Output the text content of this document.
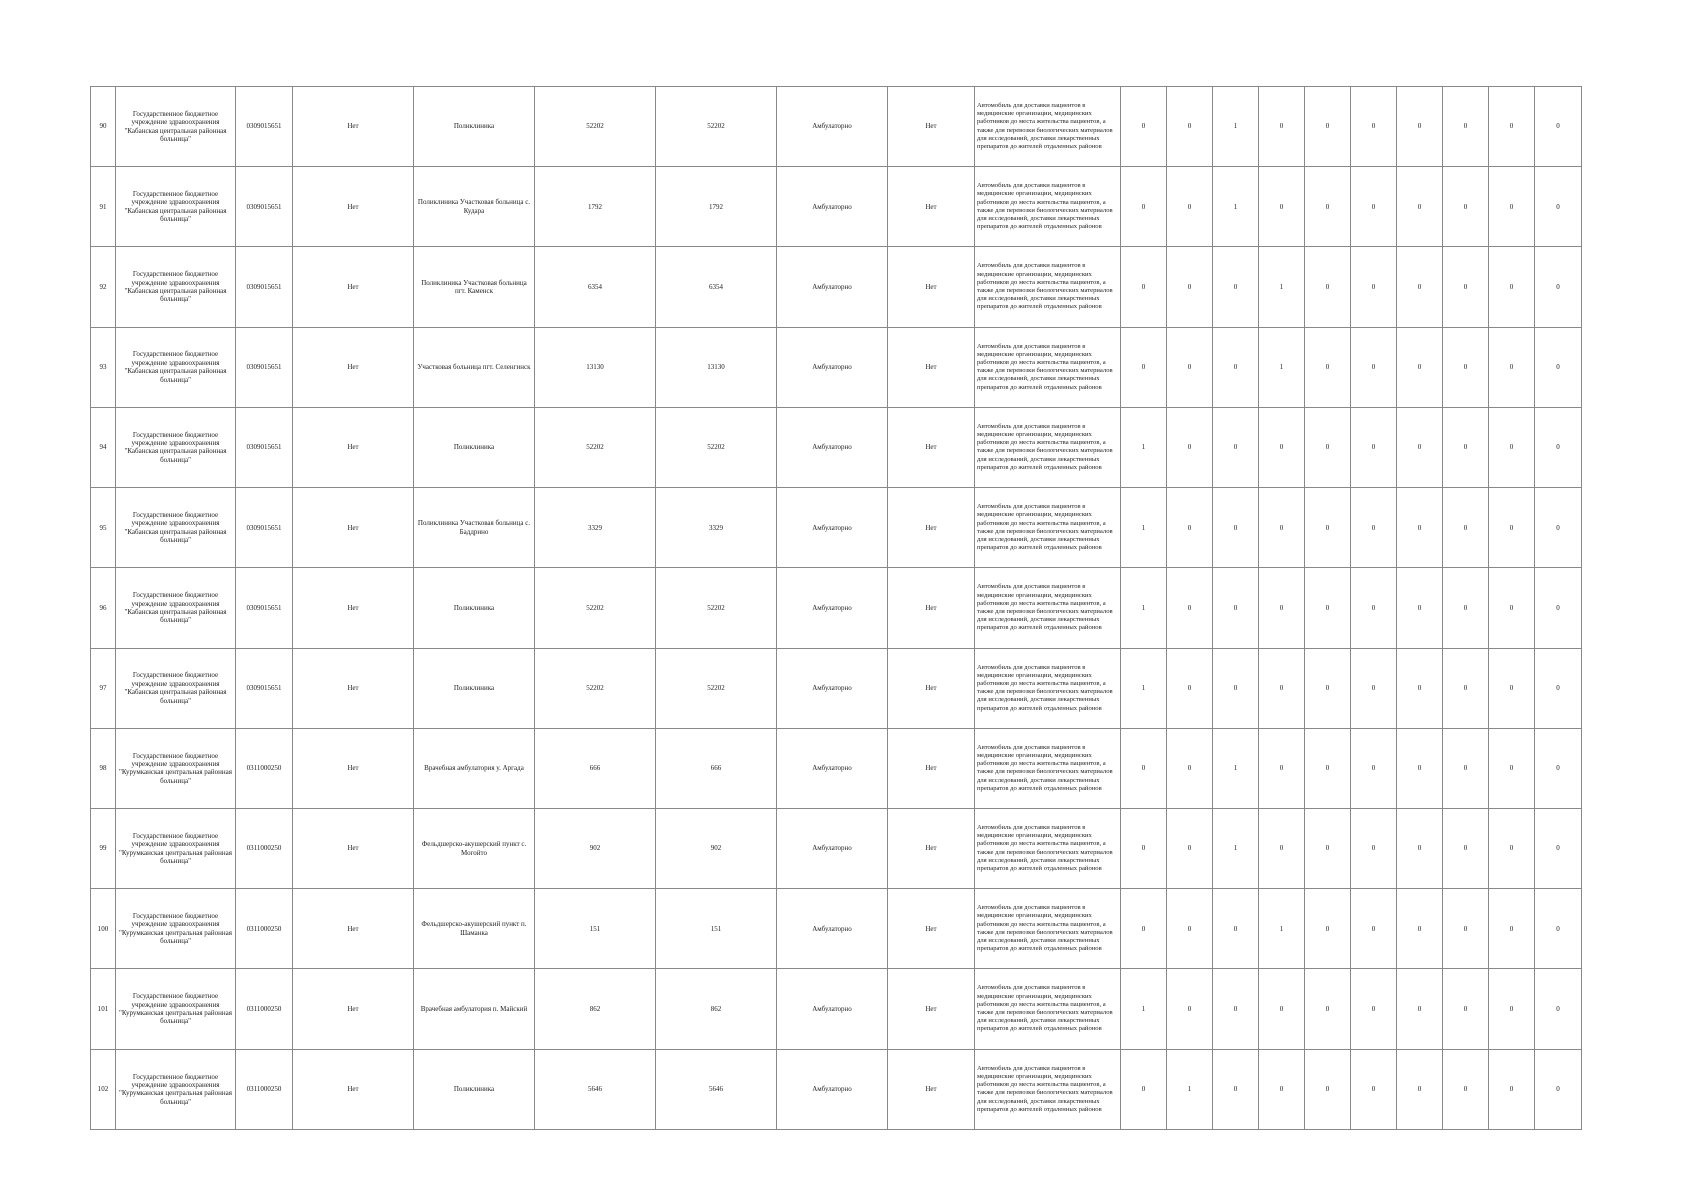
90	Государственное бюджетное учреждение здравоохранения "Кабанская центральная районная больница"	0309015651	Нет	Поликлиника	52202	52202	Амбулаторно	Нет	Автомобиль для доставки пациентов в медицинские организации, медицинских работников до места жительства пациентов, а также для перевозки биологических материалов для исследований, доставки лекарственных препаратов до жителей отдаленных районов	0	0	1	0	0	0	0	0	0	0
91	Государственное бюджетное учреждение здравоохранения "Кабанская центральная районная больница"	0309015651	Нет	Поликлиника Участковая больница с. Кудара	1792	1792	Амбулаторно	Нет	Автомобиль для доставки пациентов в медицинские организации, медицинских работников до места жительства пациентов, а также для перевозки биологических материалов для исследований, доставки лекарственных препаратов до жителей отдаленных районов	0	0	1	0	0	0	0	0	0	0
92	Государственное бюджетное учреждение здравоохранения "Кабанская центральная районная больница"	0309015651	Нет	Поликлиника Участковая больница пгт. Каменск	6354	6354	Амбулаторно	Нет	Автомобиль для доставки пациентов в медицинские организации, медицинских работников до места жительства пациентов, а также для перевозки биологических материалов для исследований, доставки лекарственных препаратов до жителей отдаленных районов	0	0	0	1	0	0	0	0	0	0
93	Государственное бюджетное учреждение здравоохранения "Кабанская центральная районная больница"	0309015651	Нет	Участковая больница пгт. Селенгинск	13130	13130	Амбулаторно	Нет	Автомобиль для доставки пациентов в медицинские организации, медицинских работников до места жительства пациентов, а также для перевозки биологических материалов для исследований, доставки лекарственных препаратов до жителей отдаленных районов	0	0	0	1	0	0	0	0	0	0
94	Государственное бюджетное учреждение здравоохранения "Кабанская центральная районная больница"	0309015651	Нет	Поликлиника	52202	52202	Амбулаторно	Нет	Автомобиль для доставки пациентов в медицинские организации, медицинских работников до места жительства пациентов, а также для перевозки биологических материалов для исследований, доставки лекарственных препаратов до жителей отдаленных районов	1	0	0	0	0	0	0	0	0	0
95	Государственное бюджетное учреждение здравоохранения "Кабанская центральная районная больница"	0309015651	Нет	Поликлиника Участковая больница с. Баддрино	3329	3329	Амбулаторно	Нет	Автомобиль для доставки пациентов в медицинские организации, медицинских работников до места жительства пациентов, а также для перевозки биологических материалов для исследований, доставки лекарственных препаратов до жителей отдаленных районов	1	0	0	0	0	0	0	0	0	0
96	Государственное бюджетное учреждение здравоохранения "Кабанская центральная районная больница"	0309015651	Нет	Поликлиника	52202	52202	Амбулаторно	Нет	Автомобиль для доставки пациентов в медицинские организации, медицинских работников до места жительства пациентов, а также для перевозки биологических материалов для исследований, доставки лекарственных препаратов до жителей отдаленных районов	1	0	0	0	0	0	0	0	0	0
97	Государственное бюджетное учреждение здравоохранения "Кабанская центральная районная больница"	0309015651	Нет	Поликлиника	52202	52202	Амбулаторно	Нет	Автомобиль для доставки пациентов в медицинские организации, медицинских работников до места жительства пациентов, а также для перевозки биологических материалов для исследований, доставки лекарственных препаратов до жителей отдаленных районов	1	0	0	0	0	0	0	0	0	0
98	Государственное бюджетное учреждение здравоохранения "Курумканская центральная районная больница"	0311000250	Нет	Врачебная амбулатория у. Аргада	666	666	Амбулаторно	Нет	Автомобиль для доставки пациентов в медицинские организации, медицинских работников до места жительства пациентов, а также для перевозки биологических материалов для исследований, доставки лекарственных препаратов до жителей отдаленных районов	0	0	1	0	0	0	0	0	0	0
99	Государственное бюджетное учреждение здравоохранения "Курумканская центральная районная больница"	0311000250	Нет	Фельдшерско-акушерский пункт с. Могойто	902	902	Амбулаторно	Нет	Автомобиль для доставки пациентов в медицинские организации, медицинских работников до места жительства пациентов, а также для перевозки биологических материалов для исследований, доставки лекарственных препаратов до жителей отдаленных районов	0	0	1	0	0	0	0	0	0	0
100	Государственное бюджетное учреждение здравоохранения "Курумканская центральная районная больница"	0311000250	Нет	Фельдшерско-акушерский пункт п. Шаманка	151	151	Амбулаторно	Нет	Автомобиль для доставки пациентов в медицинские организации, медицинских работников до места жительства пациентов, а также для перевозки биологических материалов для исследований, доставки лекарственных препаратов до жителей отдаленных районов	0	0	0	1	0	0	0	0	0	0
101	Государственное бюджетное учреждение здравоохранения "Курумканская центральная районная больница"	0311000250	Нет	Врачебная амбулатория п. Майский	862	862	Амбулаторно	Нет	Автомобиль для доставки пациентов в медицинские организации, медицинских работников до места жительства пациентов, а также для перевозки биологических материалов для исследований, доставки лекарственных препаратов до жителей отдаленных районов	1	0	0	0	0	0	0	0	0	0
102	Государственное бюджетное учреждение здравоохранения "Курумканская центральная районная больница"	0311000250	Нет	Поликлиника	5646	5646	Амбулаторно	Нет	Автомобиль для доставки пациентов в медицинские организации, медицинских работников до места жительства пациентов, а также для перевозки биологических материалов для исследований, доставки лекарственных препаратов до жителей отдаленных районов	0	1	0	0	0	0	0	0	0	0
